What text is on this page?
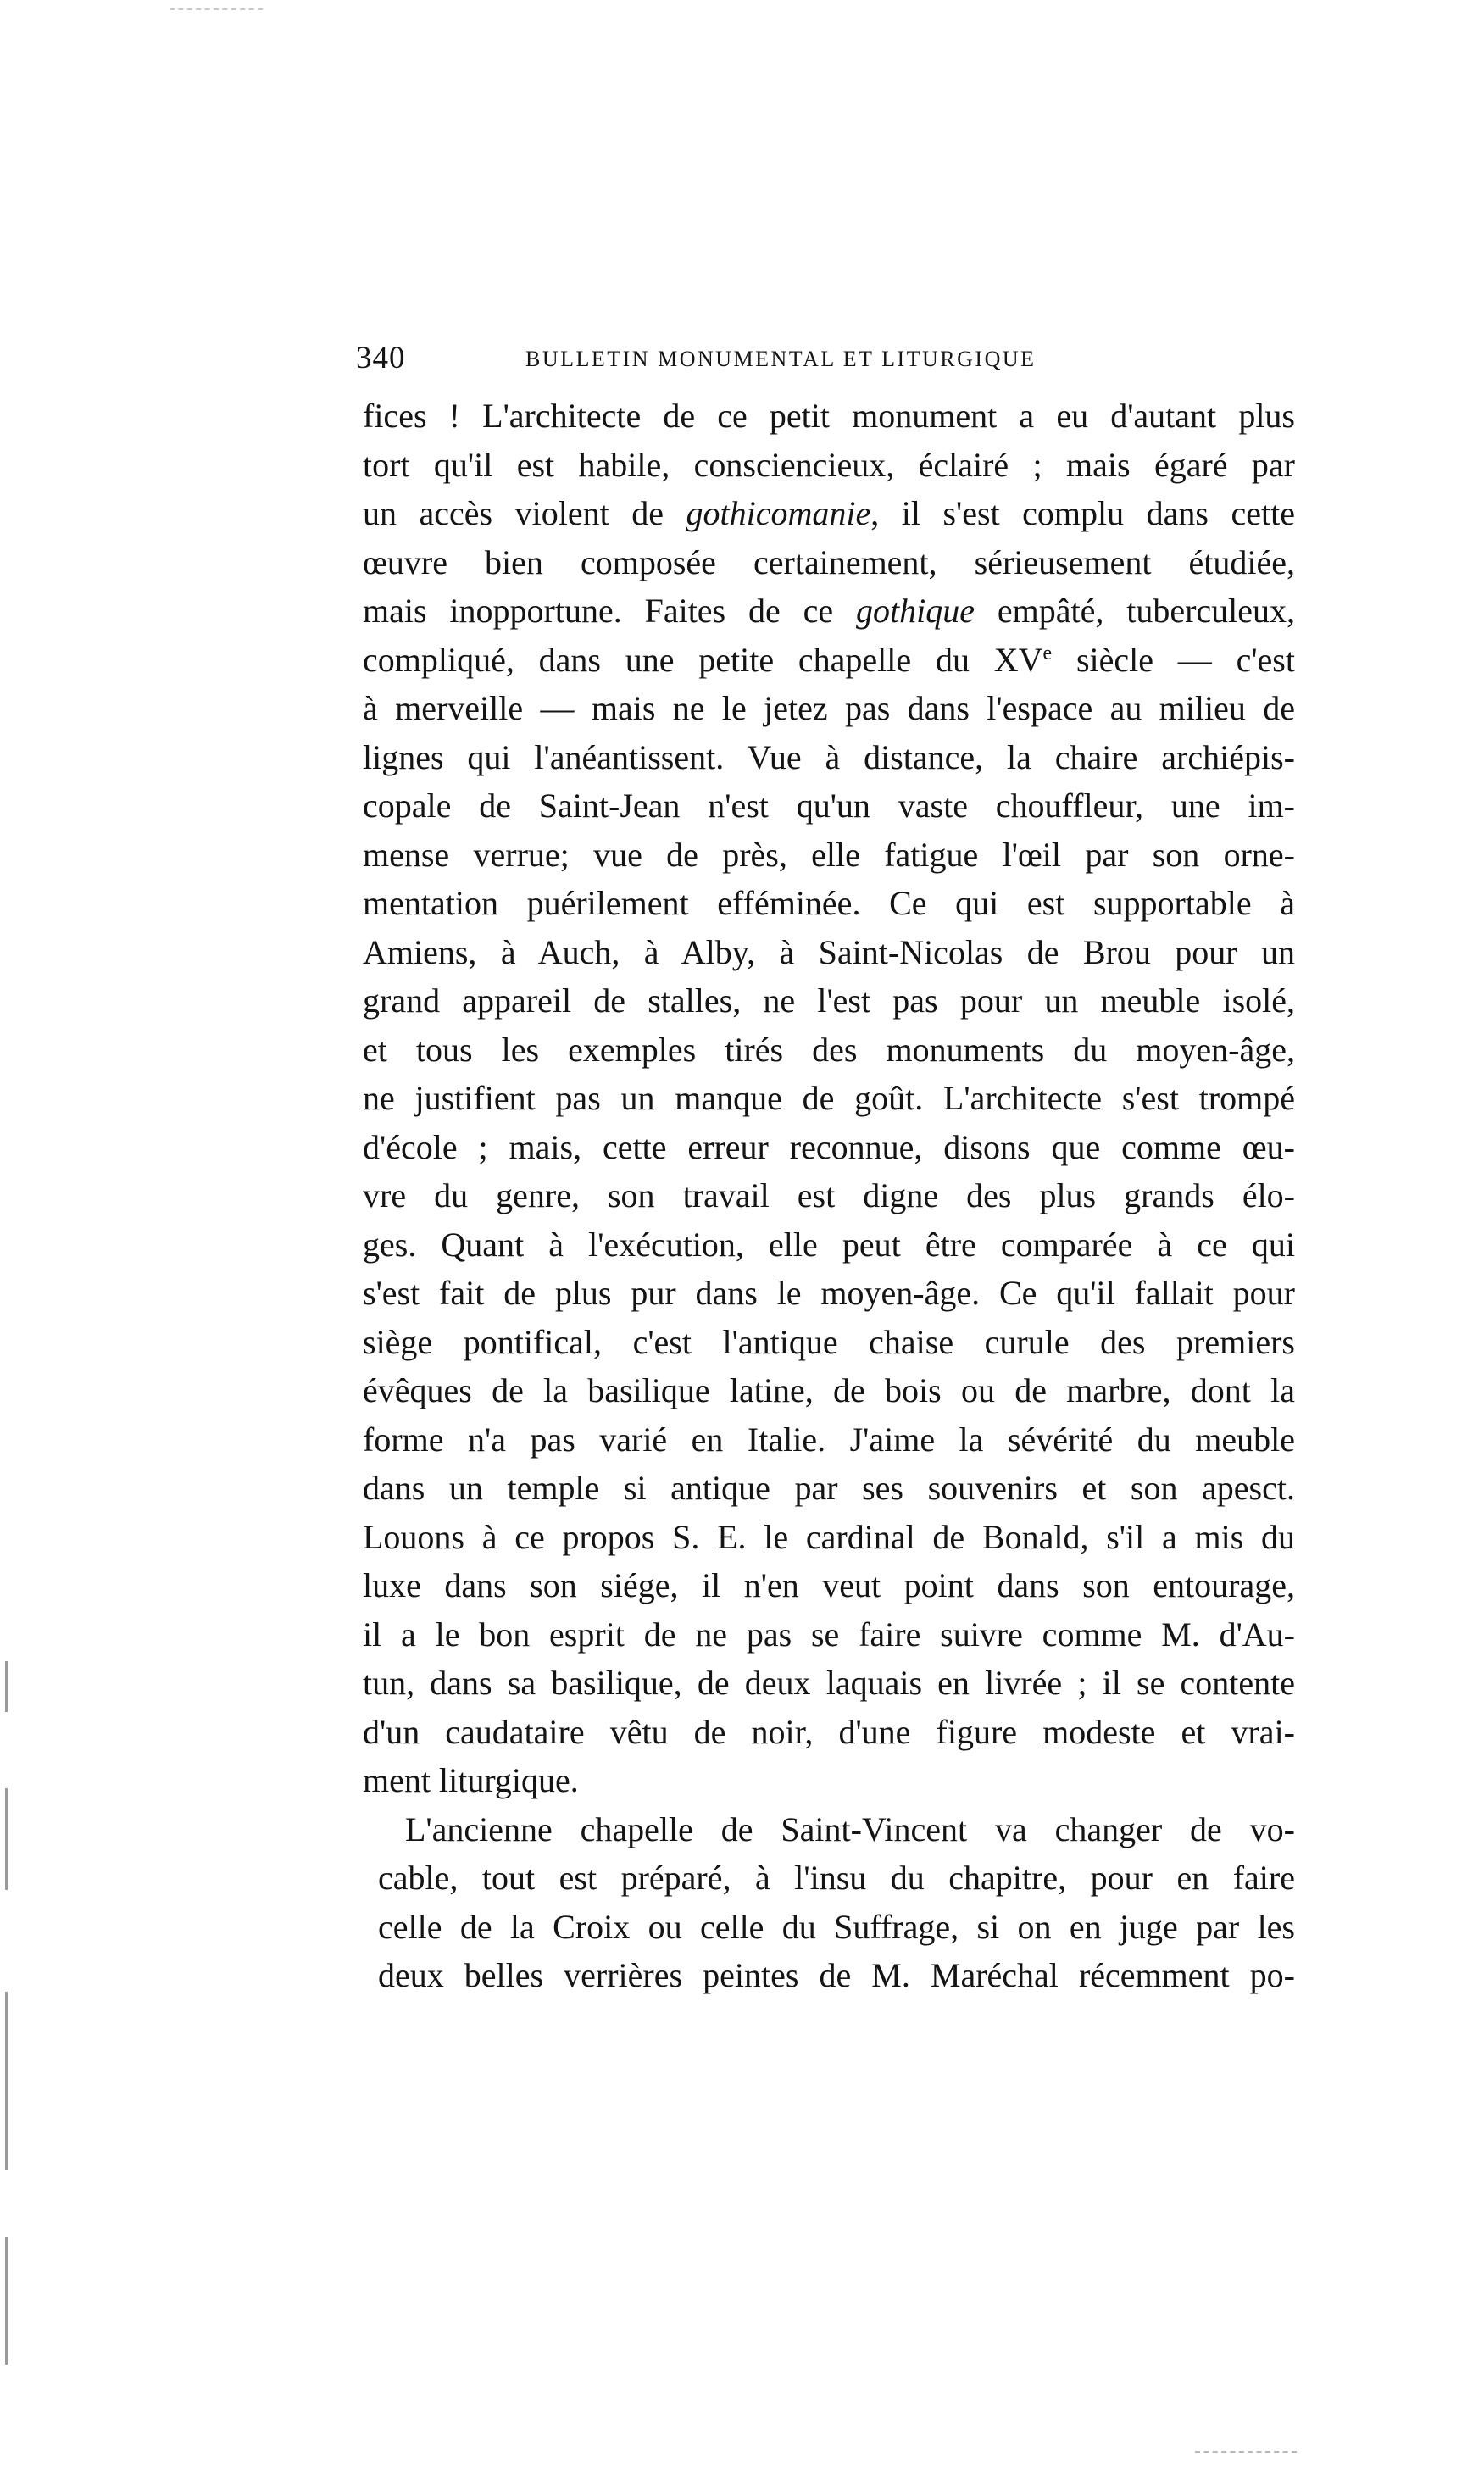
340	BULLETIN MONUMENTAL ET LITURGIQUE
fices ! L'architecte de ce petit monument a eu d'autant plus
tort qu'il est habile, consciencieux, éclairé ; mais égaré par
un accès violent de gothicomanie, il s'est complu dans cette
œuvre bien composée certainement, sérieusement étudiée,
mais inopportune. Faites de ce gothique empâté, tuberculeux,
compliqué, dans une petite chapelle du XVe siècle — c'est
à merveille — mais ne le jetez pas dans l'espace au milieu de
lignes qui l'anéantissent. Vue à distance, la chaire archiépis-
copale de Saint-Jean n'est qu'un vaste chouffleur, une im-
mense verrue; vue de près, elle fatigue l'œil par son orne-
mentation puérilement efféminée. Ce qui est supportable à
Amiens, à Auch, à Alby, à Saint-Nicolas de Brou pour un
grand appareil de stalles, ne l'est pas pour un meuble isolé,
et tous les exemples tirés des monuments du moyen-âge,
ne justifient pas un manque de goût. L'architecte s'est trompé
d'école ; mais, cette erreur reconnue, disons que comme œu-
vre du genre, son travail est digne des plus grands élo-
ges. Quant à l'exécution, elle peut être comparée à ce qui
s'est fait de plus pur dans le moyen-âge. Ce qu'il fallait pour
siège pontifical, c'est l'antique chaise curule des premiers
évêques de la basilique latine, de bois ou de marbre, dont la
forme n'a pas varié en Italie. J'aime la sévérité du meuble
dans un temple si antique par ses souvenirs et son apesct.
Louons à ce propos S. E. le cardinal de Bonald, s'il a mis du
luxe dans son siége, il n'en veut point dans son entourage,
il a le bon esprit de ne pas se faire suivre comme M. d'Au-
tun, dans sa basilique, de deux laquais en livrée ; il se contente
d'un caudataire vêtu de noir, d'une figure modeste et vrai-
ment liturgique.
L'ancienne chapelle de Saint-Vincent va changer de vo-
cable, tout est préparé, à l'insu du chapitre, pour en faire
celle de la Croix ou celle du Suffrage, si on en juge par les
deux belles verrières peintes de M. Maréchal récemment po-
